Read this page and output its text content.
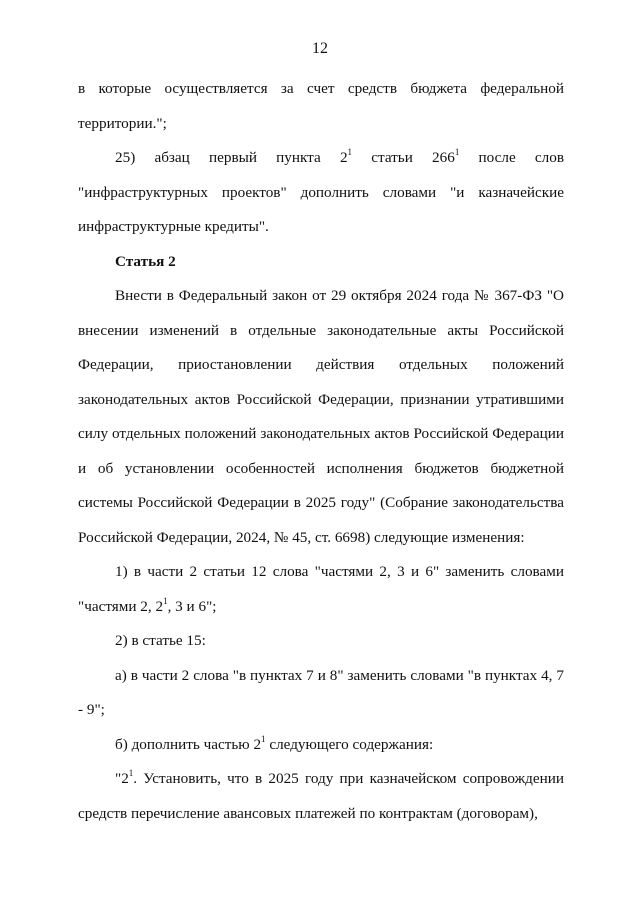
12

в которые осуществляется за счет средств бюджета федеральной территории.";

25) абзац первый пункта $2^1$ статьи $266^1$ после слов "инфраструктурных проектов" дополнить словами "и казначейские инфраструктурные кредиты".

Статья 2

Внести в Федеральный закон от 29 октября 2024 года № 367-ФЗ "О внесении изменений в отдельные законодательные акты Российской Федерации, приостановлении действия отдельных положений законодательных актов Российской Федерации, признании утратившими силу отдельных положений законодательных актов Российской Федерации и об установлении особенностей исполнения бюджетов бюджетной системы Российской Федерации в 2025 году" (Собрание законодательства Российской Федерации, 2024, № 45, ст. 6698) следующие изменения:

1) в части 2 статьи 12 слова "частями 2, 3 и 6" заменить словами "частями 2, $2^1$, 3 и 6";

2) в статье 15:

а) в части 2 слова "в пунктах 7 и 8" заменить словами "в пунктах 4, 7 - 9";

б) дополнить частью $2^1$ следующего содержания:

"$2^1$. Установить, что в 2025 году при казначейском сопровождении средств перечисление авансовых платежей по контрактам (договорам),
